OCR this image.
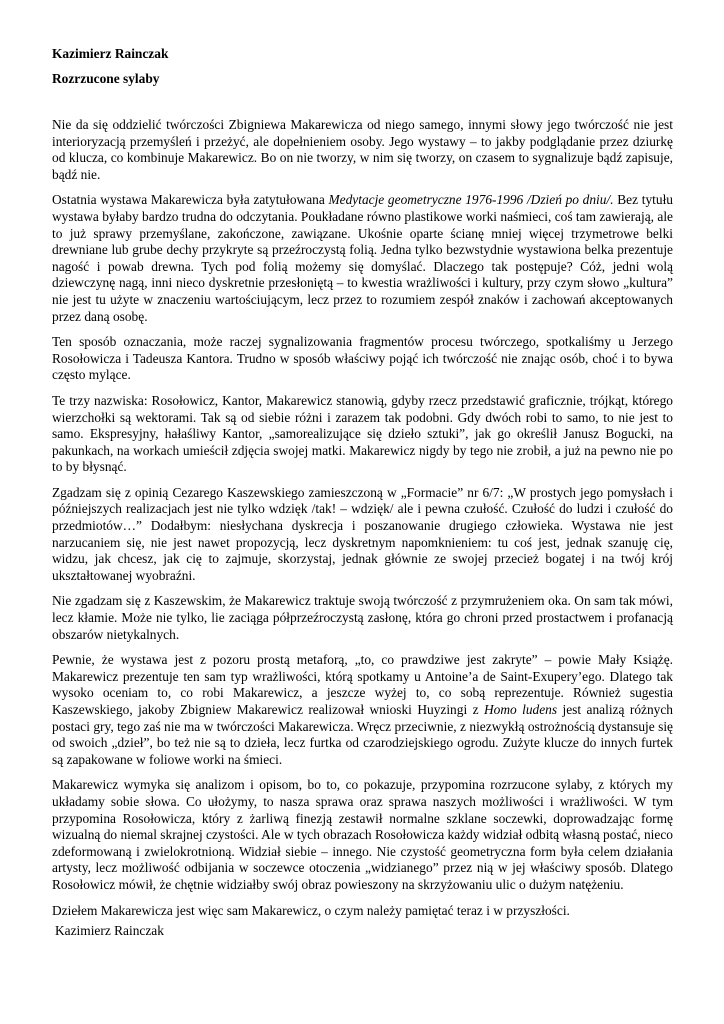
Kazimierz Rainczak

Rozrzucone sylaby

Nie da się oddzielić twórczości Zbigniewa Makarewicza od niego samego, innymi słowy jego twórczość nie jest interioryzacją przemyśleń i przeżyć, ale dopełnieniem osoby. Jego wystawy – to jakby podglądanie przez dziurkę od klucza, co kombinuje Makarewicz. Bo on nie tworzy, w nim się tworzy, on czasem to sygnalizuje bądź zapisuje, bądź nie.

Ostatnia wystawa Makarewicza była zatytułowana Medytacje geometryczne 1976-1996 /Dzień po dniu/. Bez tytułu wystawa byłaby bardzo trudna do odczytania. Poukładane równo plastikowe worki naśmieci, coś tam zawierają, ale to już sprawy przemyślane, zakończone, zawiązane. Ukośnie oparte ścianę mniej więcej trzymetrowe belki drewniane lub grube dechy przykryte są przeźroczystą folią. Jedna tylko bezwstydnie wystawiona belka prezentuje nagość i powab drewna. Tych pod folią możemy się domyślać. Dlaczego tak postępuje? Cóż, jedni wolą dziewczynę nagą, inni nieco dyskretnie przesłoniętą – to kwestia wrażliwości i kultury, przy czym słowo „kultura” nie jest tu użyte w znaczeniu wartościującym, lecz przez to rozumiem zespół znaków i zachowań akceptowanych przez daną osobę.

Ten sposób oznaczania, może raczej sygnalizowania fragmentów procesu twórczego, spotkaliśmy u Jerzego Rosołowicza i Tadeusza Kantora. Trudno w sposób właściwy pojąć ich twórczość nie znając osób, choć i to bywa często mylące.

Te trzy nazwiska: Rosołowicz, Kantor, Makarewicz stanowią, gdyby rzecz przedstawić graficznie, trójkąt, którego wierzchołki są wektorami. Tak są od siebie różni i zarazem tak podobni. Gdy dwóch robi to samo, to nie jest to samo. Ekspresyjny, hałaśliwy Kantor, „samorealizujące się dzieło sztuki”, jak go określił Janusz Bogucki, na pakunkach, na workach umieścił zdjęcia swojej matki. Makarewicz nigdy by tego nie zrobił, a już na pewno nie po to by błysnąć.

Zgadzam się z opinią Cezarego Kaszewskiego zamieszczoną w „Formacie” nr 6/7: „W prostych jego pomysłach i późniejszych realizacjach jest nie tylko wdzięk /tak! – wdzięk/ ale i pewna czułość. Czułość do ludzi i czułość do przedmiotów…” Dodałbym: niesłychana dyskrecja i poszanowanie drugiego człowieka. Wystawa nie jest narzucaniem się, nie jest nawet propozycją, lecz dyskretnym napomknieniem: tu coś jest, jednak szanuję cię, widzu, jak chcesz, jak cię to zajmuje, skorzystaj, jednak głównie ze swojej przecież bogatej i na twój krój ukształtowanej wyobraźni.

Nie zgadzam się z Kaszewskim, że Makarewicz traktuje swoją twórczość z przymrużeniem oka. On sam tak mówi, lecz kłamie. Może nie tylko, lie zaciąga półprzeźroczystą zasłonę, która go chroni przed prostactwem i profanacją obszarów nietykalnych.

Pewnie, że wystawa jest z pozoru prostą metaforą, „to, co prawdziwe jest zakryte” – powie Mały Książę. Makarewicz prezentuje ten sam typ wrażliwości, którą spotkamy u Antoine’a de Saint-Exupery’ego. Dlatego tak wysoko oceniam to, co robi Makarewicz, a jeszcze wyżej to, co sobą reprezentuje. Również sugestia Kaszewskiego, jakoby Zbigniew Makarewicz realizował wnioski Huyzingi z Homo ludens jest analizą różnych postaci gry, tego zaś nie ma w twórczości Makarewicza. Wręcz przeciwnie, z niezwykłą ostrożnością dystansuje się od swoich „dzieł”, bo też nie są to dzieła, lecz furtka od czarodziejskiego ogrodu. Zużyte klucze do innych furtek są zapakowane w foliowe worki na śmieci.

Makarewicz wymyka się analizom i opisom, bo to, co pokazuje, przypomina rozrzucone sylaby, z których my układamy sobie słowa. Co ułożymy, to nasza sprawa oraz sprawa naszych możliwości i wrażliwości. W tym przypomina Rosołowicza, który z żarliwą finezją zestawił normalne szklane soczewki, doprowadzając formę wizualną do niemal skrajnej czystości. Ale w tych obrazach Rosołowicza każdy widział odbitą własną postać, nieco zdeformowaną i zwielokrotnioną. Widział siebie – innego. Nie czystość geometryczna form była celem działania artysty, lecz możliwość odbijania w soczewce otoczenia „widzianego” przez nią w jej właściwy sposób. Dlatego Rosołowicz mówił, że chętnie widziałby swój obraz powieszony na skrzyżowaniu ulic o dużym natężeniu.

Dziełem Makarewicza jest więc sam Makarewicz, o czym należy pamiętać teraz i w przyszłości.

Kazimierz Rainczak
